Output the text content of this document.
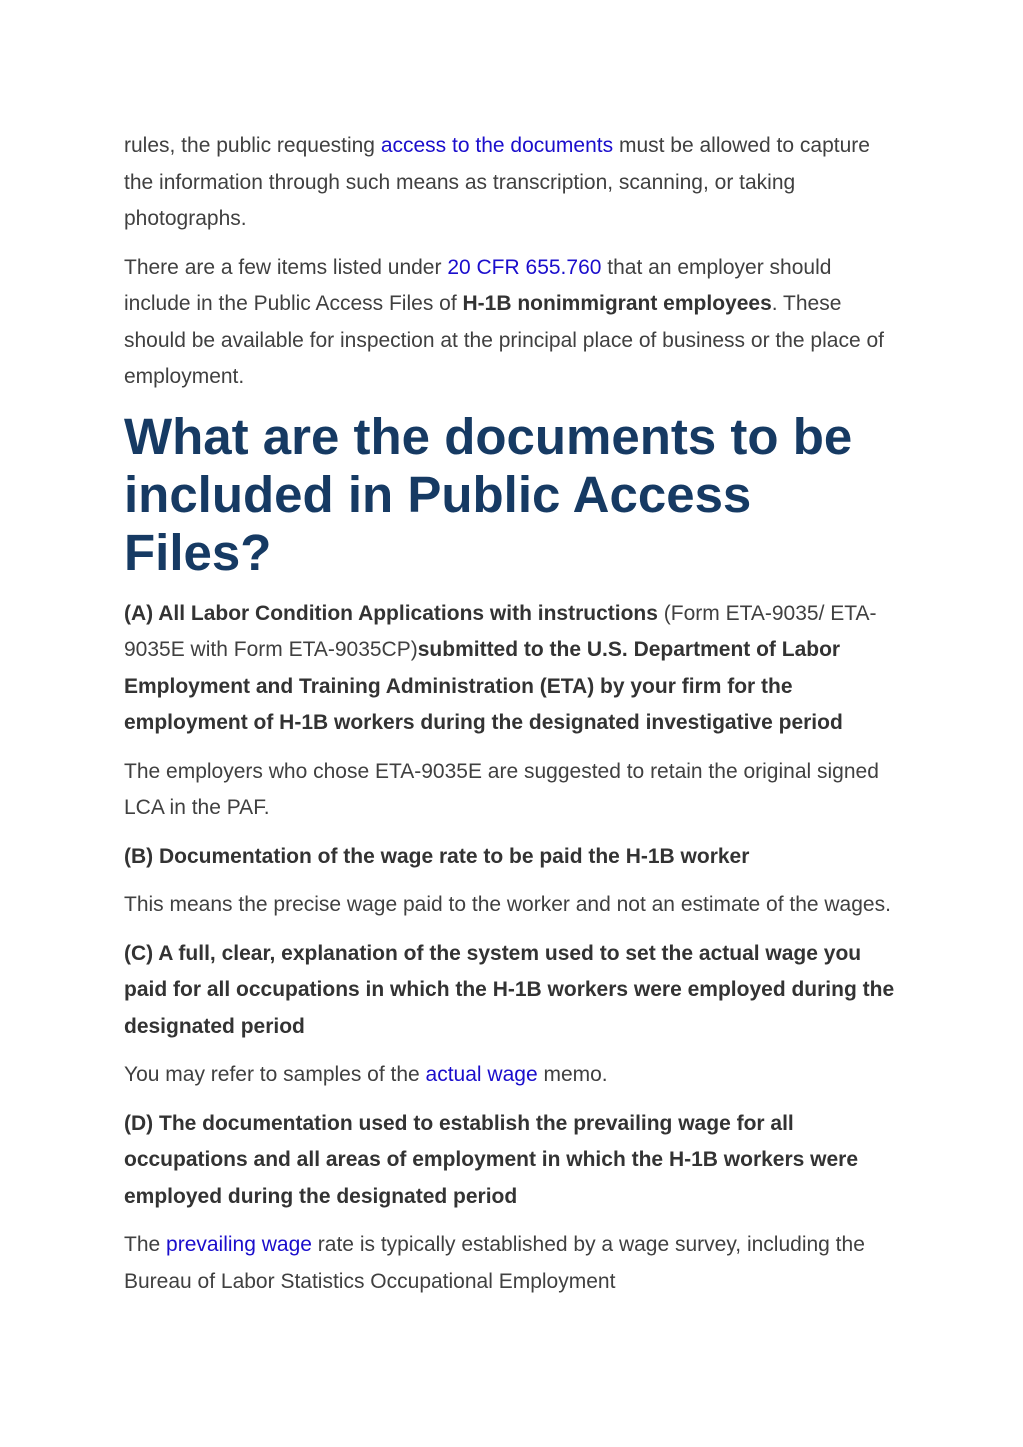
rules, the public requesting access to the documents must be allowed to capture the information through such means as transcription, scanning, or taking photographs.

There are a few items listed under 20 CFR 655.760 that an employer should include in the Public Access Files of H-1B nonimmigrant employees. These should be available for inspection at the principal place of business or the place of employment.

What are the documents to be included in Public Access Files?

(A) All Labor Condition Applications with instructions (Form ETA-9035/ ETA-9035E with Form ETA-9035CP)submitted to the U.S. Department of Labor Employment and Training Administration (ETA) by your firm for the employment of H-1B workers during the designated investigative period

The employers who chose ETA-9035E are suggested to retain the original signed LCA in the PAF.

(B) Documentation of the wage rate to be paid the H-1B worker

This means the precise wage paid to the worker and not an estimate of the wages.

(C) A full, clear, explanation of the system used to set the actual wage you paid for all occupations in which the H-1B workers were employed during the designated period

You may refer to samples of the actual wage memo.

(D) The documentation used to establish the prevailing wage for all occupations and all areas of employment in which the H-1B workers were employed during the designated period

The prevailing wage rate is typically established by a wage survey, including the Bureau of Labor Statistics Occupational Employment
